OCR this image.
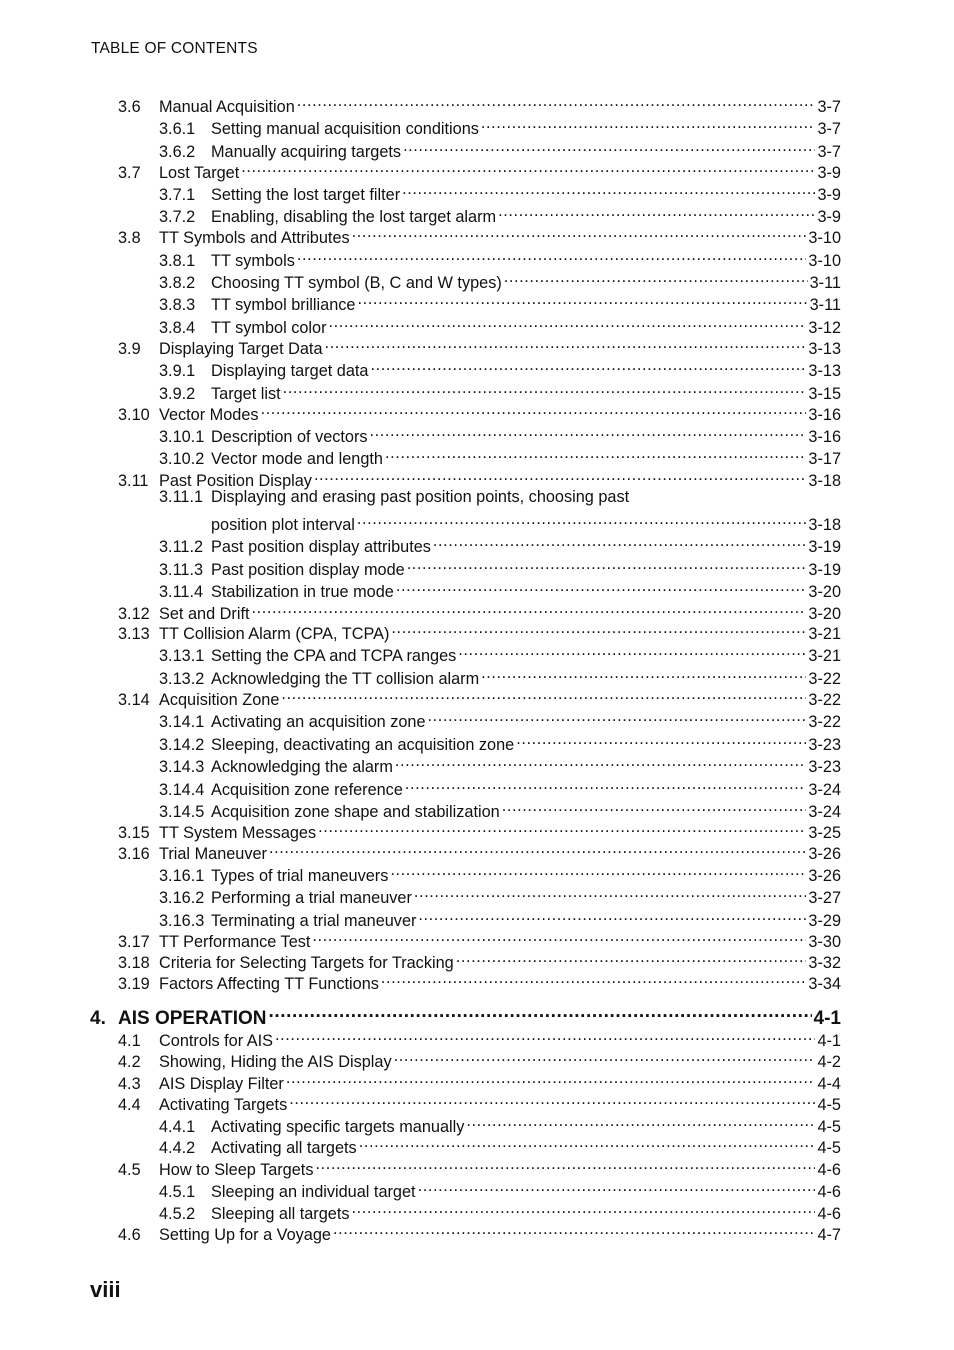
TABLE OF CONTENTS
3.6	Manual Acquisition .....	3-7
3.6.1 Setting manual acquisition conditions .....	3-7
3.6.2 Manually acquiring targets .....	3-7
3.7	Lost Target .....	3-9
3.7.1 Setting the lost target filter .....	3-9
3.7.2 Enabling, disabling the lost target alarm .....	3-9
3.8	TT Symbols and Attributes .....	3-10
3.8.1 TT symbols .....	3-10
3.8.2 Choosing TT symbol (B, C and W types) .....	3-11
3.8.3 TT symbol brilliance .....	3-11
3.8.4 TT symbol color .....	3-12
3.9	Displaying Target Data .....	3-13
3.9.1 Displaying target data .....	3-13
3.9.2 Target list .....	3-15
3.10 Vector Modes .....	3-16
3.10.1 Description of vectors .....	3-16
3.10.2 Vector mode and length .....	3-17
3.11 Past Position Display .....	3-18
3.11.1 Displaying and erasing past position points, choosing past
position plot interval .....	3-18
3.11.2 Past position display attributes .....	3-19
3.11.3 Past position display mode .....	3-19
3.11.4 Stabilization in true mode .....	3-20
3.12 Set and Drift .....	3-20
3.13 TT Collision Alarm (CPA, TCPA) .....	3-21
3.13.1 Setting the CPA and TCPA ranges .....	3-21
3.13.2 Acknowledging the TT collision alarm .....	3-22
3.14 Acquisition Zone .....	3-22
3.14.1 Activating an acquisition zone .....	3-22
3.14.2 Sleeping, deactivating an acquisition zone .....	3-23
3.14.3 Acknowledging the alarm .....	3-23
3.14.4 Acquisition zone reference .....	3-24
3.14.5 Acquisition zone shape and stabilization .....	3-24
3.15 TT System Messages .....	3-25
3.16 Trial Maneuver .....	3-26
3.16.1 Types of trial maneuvers .....	3-26
3.16.2 Performing a trial maneuver .....	3-27
3.16.3 Terminating a trial maneuver .....	3-29
3.17 TT Performance Test .....	3-30
3.18 Criteria for Selecting Targets for Tracking .....	3-32
3.19 Factors Affecting TT Functions .....	3-34
4. AIS OPERATION .....	4-1
4.1	Controls for AIS .....	4-1
4.2	Showing, Hiding the AIS Display .....	4-2
4.3	AIS Display Filter .....	4-4
4.4	Activating Targets .....	4-5
4.4.1 Activating specific targets manually .....	4-5
4.4.2 Activating all targets .....	4-5
4.5	How to Sleep Targets .....	4-6
4.5.1 Sleeping an individual target .....	4-6
4.5.2 Sleeping all targets .....	4-6
4.6	Setting Up for a Voyage .....	4-7
viii
